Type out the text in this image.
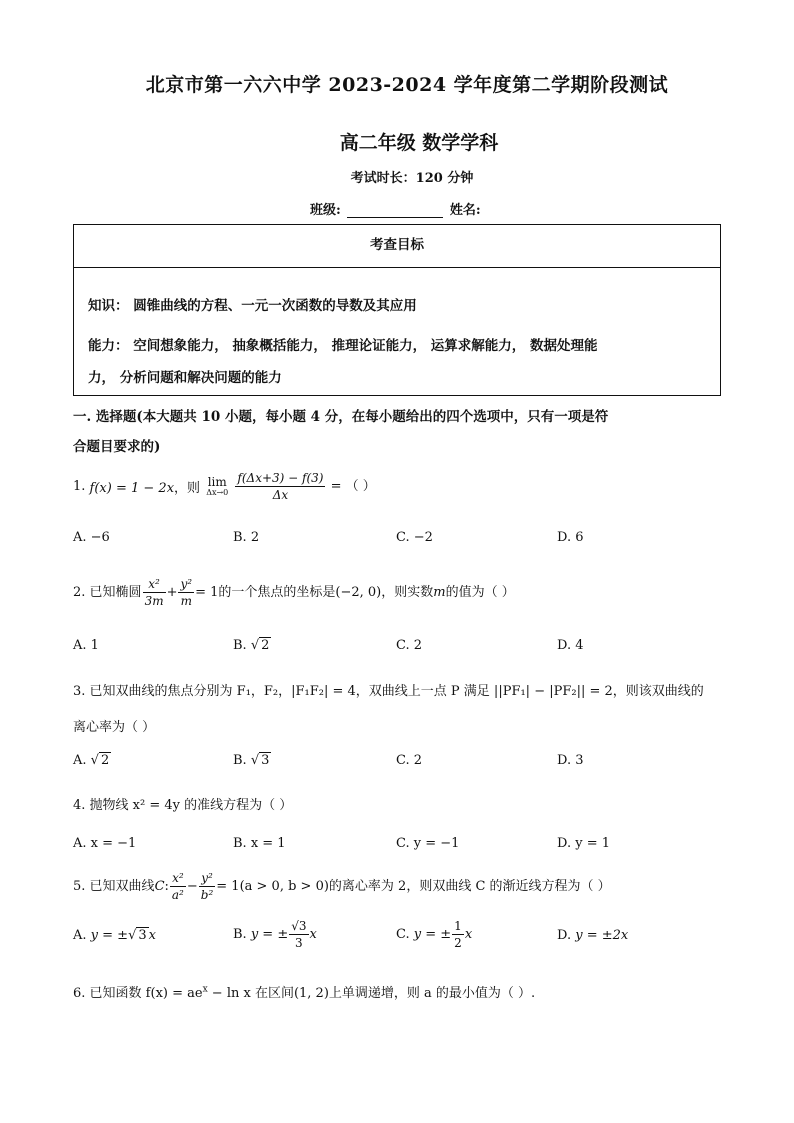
北京市第一六六中学 2023-2024 学年度第二学期阶段测试
高二年级 数学学科
考试时长：120 分钟
班级:	姓名:
考查目标
知识： 圆锥曲线的方程、一元一次函数的导数及其应用
能力： 空间想象能力， 抽象概括能力， 推理论证能力， 运算求解能力， 数据处理能
力， 分析问题和解决问题的能力
一. 选择题(本大题共 10 小题，每小题 4 分，在每小题给出的四个选项中，只有一项是符
合题目要求的)
1. f(x) = 1 − 2x，则 lim
Δx→0
$\frac{f(\Delta x+3) - f(3)}{\Delta x}$ = （ ）
A. −6	B. 2	C. −2	D. 6
2. 已知椭圆 $\frac{\text{x²}}{3m} + \frac{\text{y²}}{m} = 1$的一个焦点的坐标是(−2, 0)，则实数m的值为（ ）
A. 1	B. √ 2	C. 2	D. 4
3. 已知双曲线的焦点分别为 F₁，F₂，|F₁F₂| = 4，双曲线上一点 P 满足 ||PF₁| − |PF₂|| = 2，则该双曲线的
离心率为（ ）
A. √ 2	B. √ 3	C. 2	D. 3
4. 抛物线 x² = 4y 的准线方程为（ ）
A. x = −1	B. x = 1	C. y = −1	D. y = 1
5. 已知双曲线C: $\frac{\text{x²}}{\text{a²}} - \frac{\text{y²}}{\text{b²}} = 1(a > 0$, b > 0)的离心率为 2，则双曲线 C 的渐近线方程为（ ）
A. y = ±√ 3 x	B. y = ± $\frac{√3}{3}$ x	C. y = ± $\frac{1}{2}$ x	D. y = ±2x
6. 已知函数 $f(x) = ae^x - \ln x$ 在区间(1, 2)上单调递增，则 a 的最小值为（ ）.
